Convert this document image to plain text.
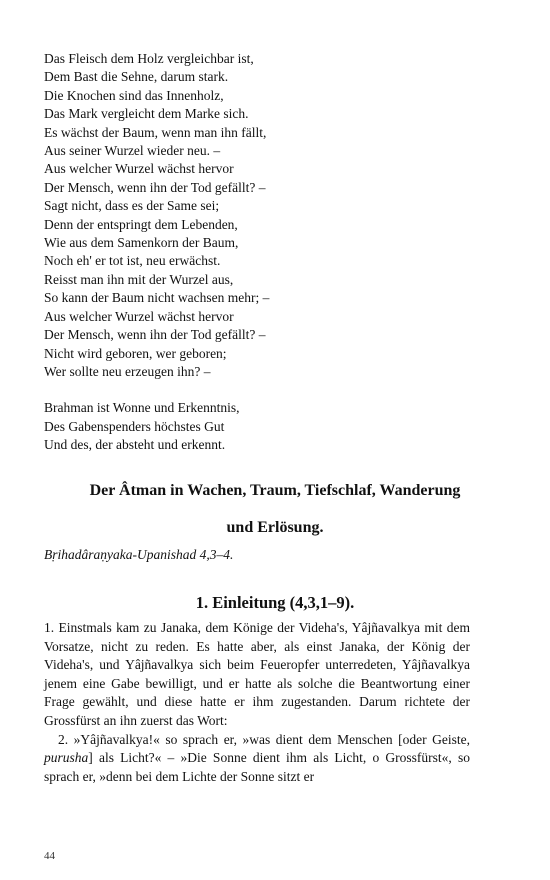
Das Fleisch dem Holz vergleichbar ist,
Dem Bast die Sehne, darum stark.
Die Knochen sind das Innenholz,
Das Mark vergleicht dem Marke sich.
Es wächst der Baum, wenn man ihn fällt,
Aus seiner Wurzel wieder neu. –
Aus welcher Wurzel wächst hervor
Der Mensch, wenn ihn der Tod gefällt? –
Sagt nicht, dass es der Same sei;
Denn der entspringt dem Lebenden,
Wie aus dem Samenkorn der Baum,
Noch eh' er tot ist, neu erwächst.
Reisst man ihn mit der Wurzel aus,
So kann der Baum nicht wachsen mehr; –
Aus welcher Wurzel wächst hervor
Der Mensch, wenn ihn der Tod gefällt? –
Nicht wird geboren, wer geboren;
Wer sollte neu erzeugen ihn? –
Brahman ist Wonne und Erkenntnis,
Des Gabenspenders höchstes Gut
Und des, der absteht und erkennt.
Der Âtman in Wachen, Traum, Tiefschlaf, Wanderung
und Erlösung.
Bṛihadâraṇyaka-Upanishad 4,3–4.
1. Einleitung (4,3,1–9).

1. Einstmals kam zu Janaka, dem Könige der Videha's, Yâjñavalkya mit dem Vorsatze, nicht zu reden. Es hatte aber, als einst Janaka, der König der Videha's, und Yâjñavalkya sich beim Feueropfer unterredeten, Yâjñavalkya jenem eine Gabe bewilligt, und er hatte als solche die Beantwortung einer Frage gewählt, und diese hatte er ihm zugestanden. Darum richtete der Grossfürst an ihn zuerst das Wort:

2. »Yâjñavalkya!« so sprach er, »was dient dem Menschen [oder Geiste, purusha] als Licht?« – »Die Sonne dient ihm als Licht, o Grossfürst«, so sprach er, »denn bei dem Lichte der Sonne sitzt er

44
